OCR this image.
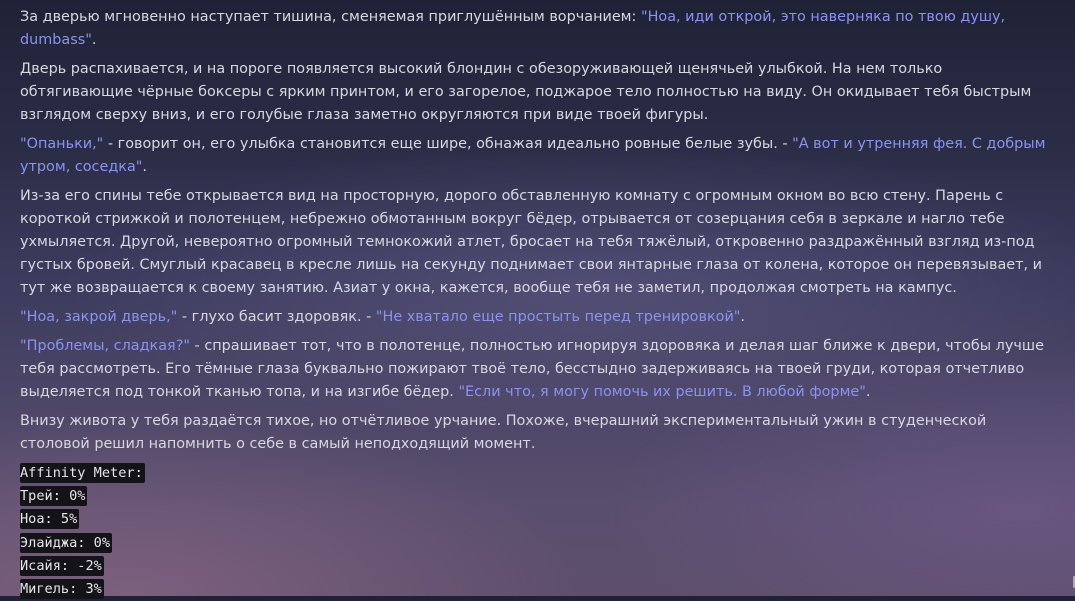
За дверью мгновенно наступает тишина, сменяемая приглушённым ворчанием: "Ноа, иди открой, это наверняка по твою душу, dumbass".

Дверь распахивается, и на пороге появляется высокий блондин с обезоруживающей щенячьей улыбкой. На нем только обтягивающие чёрные боксеры с ярким принтом, и его загорелое, поджарое тело полностью на виду. Он окидывает тебя быстрым взглядом сверху вниз, и его голубые глаза заметно округляются при виде твоей фигуры.

"Опаньки," - говорит он, его улыбка становится еще шире, обнажая идеально ровные белые зубы. - "А вот и утренняя фея. С добрым утром, соседка".

Из-за его спины тебе открывается вид на просторную, дорого обставленную комнату с огромным окном во всю стену. Парень с короткой стрижкой и полотенцем, небрежно обмотанным вокруг бёдер, отрывается от созерцания себя в зеркале и нагло тебе ухмыляется. Другой, невероятно огромный темнокожий атлет, бросает на тебя тяжёлый, откровенно раздражённый взгляд из-под густых бровей. Смуглый красавец в кресле лишь на секунду поднимает свои янтарные глаза от колена, которое он перевязывает, и тут же возвращается к своему занятию. Азиат у окна, кажется, вообще тебя не заметил, продолжая смотреть на кампус.

"Ноа, закрой дверь," - глухо басит здоровяк. - "Не хватало еще простыть перед тренировкой".

"Проблемы, сладкая?" - спрашивает тот, что в полотенце, полностью игнорируя здоровяка и делая шаг ближе к двери, чтобы лучше тебя рассмотреть. Его тёмные глаза буквально пожирают твоё тело, бесстыдно задерживаясь на твоей груди, которая отчетливо выделяется под тонкой тканью топа, и на изгибе бёдер. "Если что, я могу помочь их решить. В любой форме".

Внизу живота у тебя раздаётся тихое, но отчётливое урчание. Похоже, вчерашний экспериментальный ужин в студенческой столовой решил напомнить о себе в самый неподходящий момент.

Affinity Meter:
Трей: 0%
Ноа: 5%
Элайджа: 0%
Исайя: -2%
Мигель: 3%
